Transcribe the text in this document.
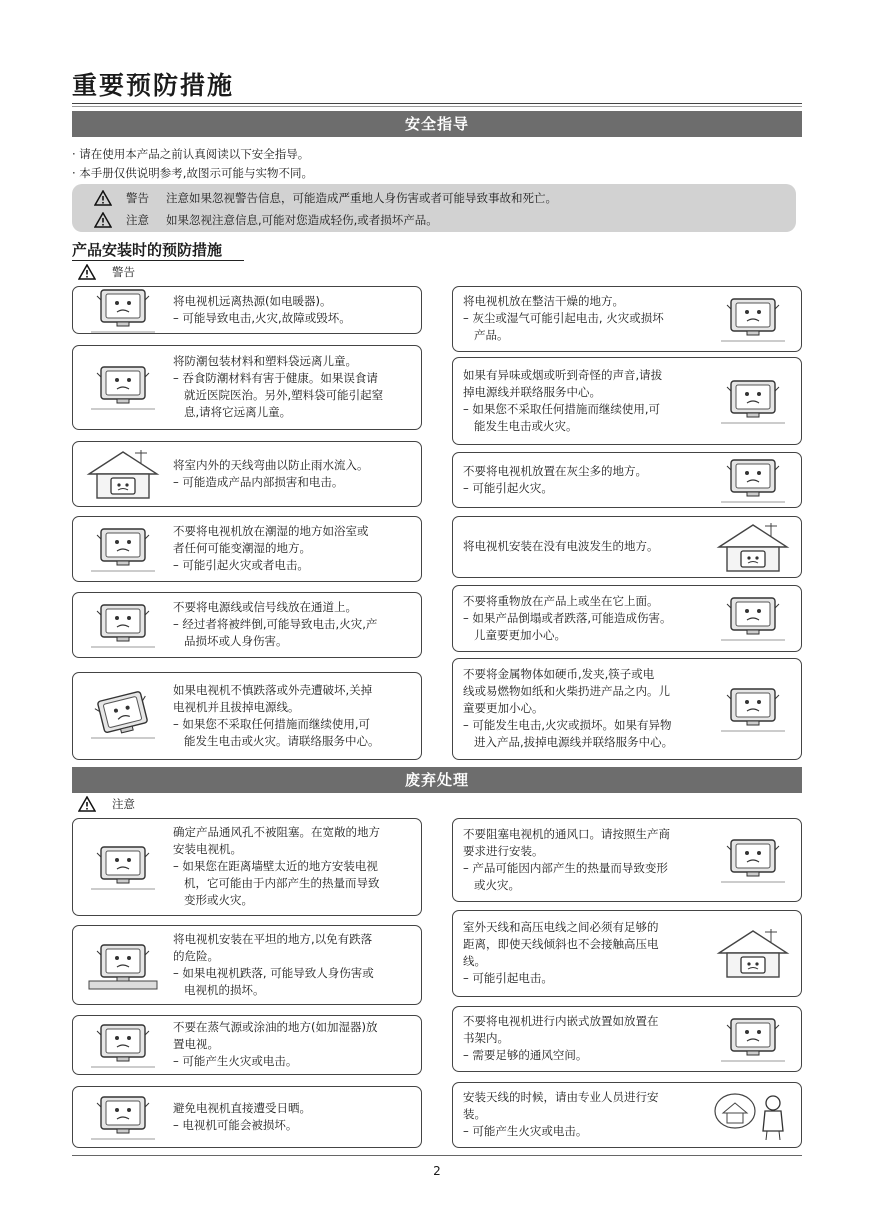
重要预防措施
安全指导
· 请在使用本产品之前认真阅读以下安全指导。
· 本手册仅供说明参考,故图示可能与实物不同。
警告 注意如果忽视警告信息，可能造成严重地人身伤害或者可能导致事故和死亡。
注意 如果忽视注意信息,可能对您造成轻伤,或者损坏产品。
产品安装时的预防措施
警告
将电视机远离热源(如电暖器)。
– 可能导致电击,火灾,故障或毁坏。
将防潮包装材料和塑料袋远离儿童。
– 吞食防潮材料有害于健康。如果误食请
就近医院医治。另外,塑料袋可能引起窒
息,请将它远离儿童。
将室内外的天线弯曲以防止雨水流入。
– 可能造成产品内部损害和电击。
不要将电视机放在潮湿的地方如浴室或
者任何可能变潮湿的地方。
– 可能引起火灾或者电击。
不要将电源线或信号线放在通道上。
– 经过者将被绊倒,可能导致电击,火灾,产
品损坏或人身伤害。
如果电视机不慎跌落或外壳遭破坏,关掉
电视机并且拔掉电源线。
– 如果您不采取任何措施而继续使用,可
能发生电击或火灾。请联络服务中心。
将电视机放在整洁干燥的地方。
– 灰尘或湿气可能引起电击, 火灾或损坏
产品。
如果有异味或烟或听到奇怪的声音,请拔
掉电源线并联络服务中心。
– 如果您不采取任何措施而继续使用,可
能发生电击或火灾。
不要将电视机放置在灰尘多的地方。
– 可能引起火灾。
将电视机安装在没有电波发生的地方。
不要将重物放在产品上或坐在它上面。
– 如果产品倒塌或者跌落,可能造成伤害。
儿童要更加小心。
不要将金属物体如硬币,发夹,筷子或电
线或易燃物如纸和火柴扔进产品之内。儿
童要更加小心。
– 可能发生电击,火灾或损坏。如果有异物
进入产品,拔掉电源线并联络服务中心。
确定产品通风孔不被阻塞。在宽敞的地方
安装电视机。
– 如果您在距离墙壁太近的地方安装电视
机，它可能由于内部产生的热量而导致
变形或火灾。
将电视机安装在平坦的地方,以免有跌落
的危险。
– 如果电视机跌落, 可能导致人身伤害或
电视机的损坏。
不要在蒸气源或涂油的地方(如加湿器)放
置电视。
– 可能产生火灾或电击。
避免电视机直接遭受日晒。
– 电视机可能会被损坏。
不要阻塞电视机的通风口。请按照生产商
要求进行安装。
– 产品可能因内部产生的热量而导致变形
或火灾。
室外天线和高压电线之间必须有足够的
距离，即使天线倾斜也不会接触高压电
线。
– 可能引起电击。
不要将电视机进行内嵌式放置如放置在
书架内。
– 需要足够的通风空间。
安装天线的时候，请由专业人员进行安
装。
– 可能产生火灾或电击。
废弃处理
注意
2
